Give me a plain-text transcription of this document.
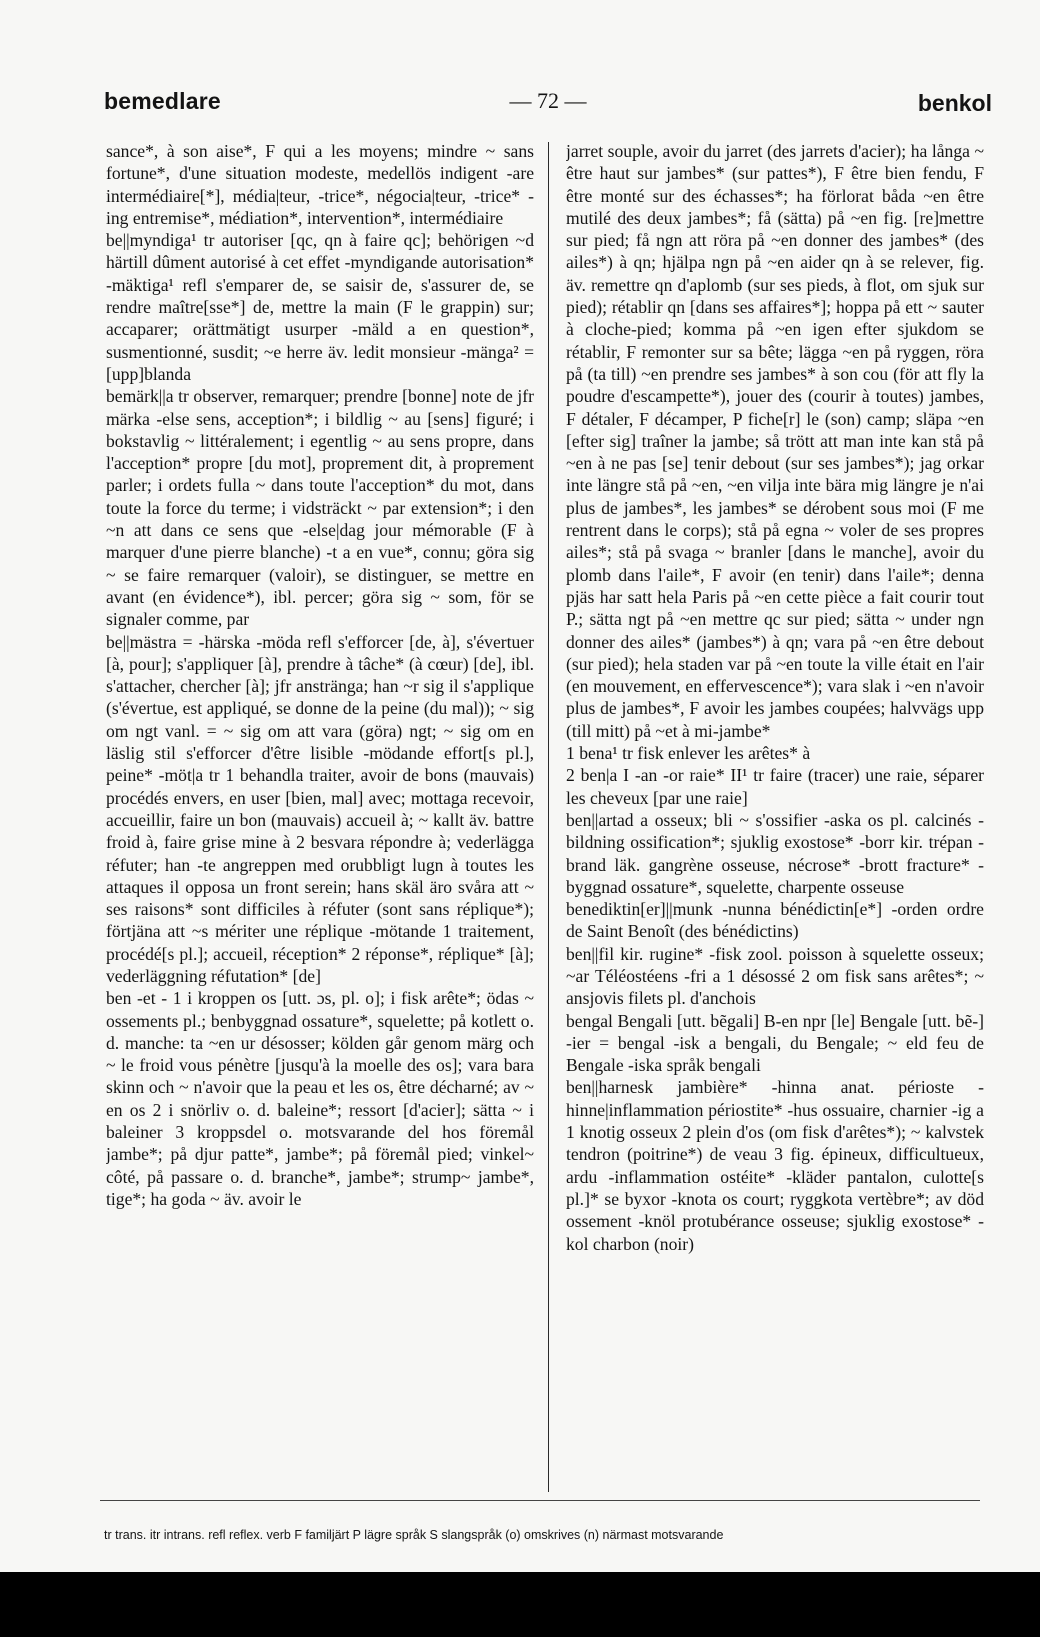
bemedlare	— 72 —	benkol

sance*, à son aise*, F qui a les moyens; mindre ~ sans fortune*, d'une situation modeste, medellös indigent -are intermédiaire[*], média|teur, -trice*, négocia|teur, -trice* -ing entremise*, médiation*, intervention*, intermédiaire

be||myndiga¹ tr autoriser [qc, qn à faire qc]; behörigen ~d härtill dûment autorisé à cet effet -myndigande autorisation* -mäktiga¹ refl s'emparer de, se saisir de, s'assurer de, se rendre maître[sse*] de, mettre la main (F le grappin) sur; accaparer; orättmätigt usurper -mäld a en question*, susmentionné, susdit; ~e herre äv. ledit monsieur -mänga² = [upp]blanda

bemärk||a tr observer, remarquer; prendre [bonne] note de jfr märka -else sens, acception*; i bildlig ~ au [sens] figuré; i bokstavlig ~ littéralement; i egentlig ~ au sens propre, dans l'acception* propre [du mot], proprement dit, à proprement parler; i ordets fulla ~ dans toute l'acception* du mot, dans toute la force du terme; i vidsträckt ~ par extension*; i den ~n att dans ce sens que -else|dag jour mémorable (F à marquer d'une pierre blanche) -t a en vue*, connu; göra sig ~ se faire remarquer (valoir), se distinguer, se mettre en avant (en évidence*), ibl. percer; göra sig ~ som, för se signaler comme, par

be||mästra = -härska -möda refl s'efforcer [de, à], s'évertuer [à, pour]; s'appliquer [à], prendre à tâche* (à cœur) [de], ibl. s'attacher, chercher [à]; jfr anstränga; han ~r sig il s'applique (s'évertue, est appliqué, se donne de la peine (du mal)); ~ sig om ngt vanl. = ~ sig om att vara (göra) ngt; ~ sig om en läslig stil s'efforcer d'être lisible -mödande effort[s pl.], peine* -möt|a tr 1 behandla traiter, avoir de bons (mauvais) procédés envers, en user [bien, mal] avec; mottaga recevoir, accueillir, faire un bon (mauvais) accueil à; ~ kallt äv. battre froid à, faire grise mine à 2 besvara répondre à; vederlägga réfuter; han -te angreppen med orubbligt lugn à toutes les attaques il opposa un front serein; hans skäl äro svåra att ~ ses raisons* sont difficiles à réfuter (sont sans réplique*); förtjäna att ~s mériter une réplique -mötande 1 traitement, procédé[s pl.]; accueil, réception* 2 réponse*, réplique* [à]; vederläggning réfutation* [de]

ben -et - 1 i kroppen os [utt. ɔs, pl. o]; i fisk arête*; ödas ~ ossements pl.; benbyggnad ossature*, squelette; på kotlett o. d. manche: ta ~en ur désosser; kölden går genom märg och ~ le froid vous pénètre [jusqu'à la moelle des os]; vara bara skinn och ~ n'avoir que la peau et les os, être décharné; av ~ en os 2 i snörliv o. d. baleine*; ressort [d'acier]; sätta ~ i baleiner 3 kroppsdel o. motsvarande del hos föremål jambe*; på djur patte*, jambe*; på föremål pied; vinkel~ côté, på passare o. d. branche*, jambe*; strump~ jambe*, tige*; ha goda ~ äv. avoir le

jarret souple, avoir du jarret (des jarrets d'acier); ha långa ~ être haut sur jambes* (sur pattes*), F être bien fendu, F être monté sur des échasses*; ha förlorat båda ~en être mutilé des deux jambes*; få (sätta) på ~en fig. [re]mettre sur pied; få ngn att röra på ~en donner des jambes* (des ailes*) à qn; hjälpa ngn på ~en aider qn à se relever, fig. äv. remettre qn d'aplomb (sur ses pieds, à flot, om sjuk sur pied); rétablir qn [dans ses affaires*]; hoppa på ett ~ sauter à cloche-pied; komma på ~en igen efter sjukdom se rétablir, F remonter sur sa bête; lägga ~en på ryggen, röra på (ta till) ~en prendre ses jambes* à son cou (för att fly la poudre d'escampette*), jouer des (courir à toutes) jambes, F détaler, F décamper, P fiche[r] le (son) camp; släpa ~en [efter sig] traîner la jambe; så trött att man inte kan stå på ~en à ne pas [se] tenir debout (sur ses jambes*); jag orkar inte längre stå på ~en, ~en vilja inte bära mig längre je n'ai plus de jambes*, les jambes* se dérobent sous moi (F me rentrent dans le corps); stå på egna ~ voler de ses propres ailes*; stå på svaga ~ branler [dans le manche], avoir du plomb dans l'aile*, F avoir (en tenir) dans l'aile*; denna pjäs har satt hela Paris på ~en cette pièce a fait courir tout P.; sätta ngt på ~en mettre qc sur pied; sätta ~ under ngn donner des ailes* (jambes*) à qn; vara på ~en être debout (sur pied); hela staden var på ~en toute la ville était en l'air (en mouvement, en effervescence*); vara slak i ~en n'avoir plus de jambes*, F avoir les jambes coupées; halvvägs upp (till mitt) på ~et à mi-jambe*

1 bena¹ tr fisk enlever les arêtes* à

2 ben|a I -an -or raie* II¹ tr faire (tracer) une raie, séparer les cheveux [par une raie]

ben||artad a osseux; bli ~ s'ossifier -aska os pl. calcinés -bildning ossification*; sjuklig exostose* -borr kir. trépan -brand läk. gangrène osseuse, nécrose* -brott fracture* -byggnad ossature*, squelette, charpente osseuse

benediktin[er]||munk -nunna bénédictin[e*] -orden ordre de Saint Benoît (des bénédictins)

ben||fil kir. rugine* -fisk zool. poisson à squelette osseux; ~ar Téléostéens -fri a 1 désossé 2 om fisk sans arêtes*; ~ ansjovis filets pl. d'anchois

bengal Bengali [utt. bẽgali] B-en npr [le] Bengale [utt. bẽ-] -ier = bengal -isk a bengali, du Bengale; ~ eld feu de Bengale -iska språk bengali

ben||harnesk jambière* -hinna anat. périoste -hinne|inflammation périostite* -hus ossuaire, charnier -ig a 1 knotig osseux 2 plein d'os (om fisk d'arêtes*); ~ kalvstek tendron (poitrine*) de veau 3 fig. épineux, difficultueux, ardu -inflammation ostéite* -kläder pantalon, culotte[s pl.]* se byxor -knota os court; ryggkota vertèbre*; av död ossement -knöl protubérance osseuse; sjuklig exostose* -kol charbon (noir)

tr trans. itr intrans. refl reflex. verb F familjärt P lägre språk S slangspråk (o) omskrives (n) närmast motsvarande
